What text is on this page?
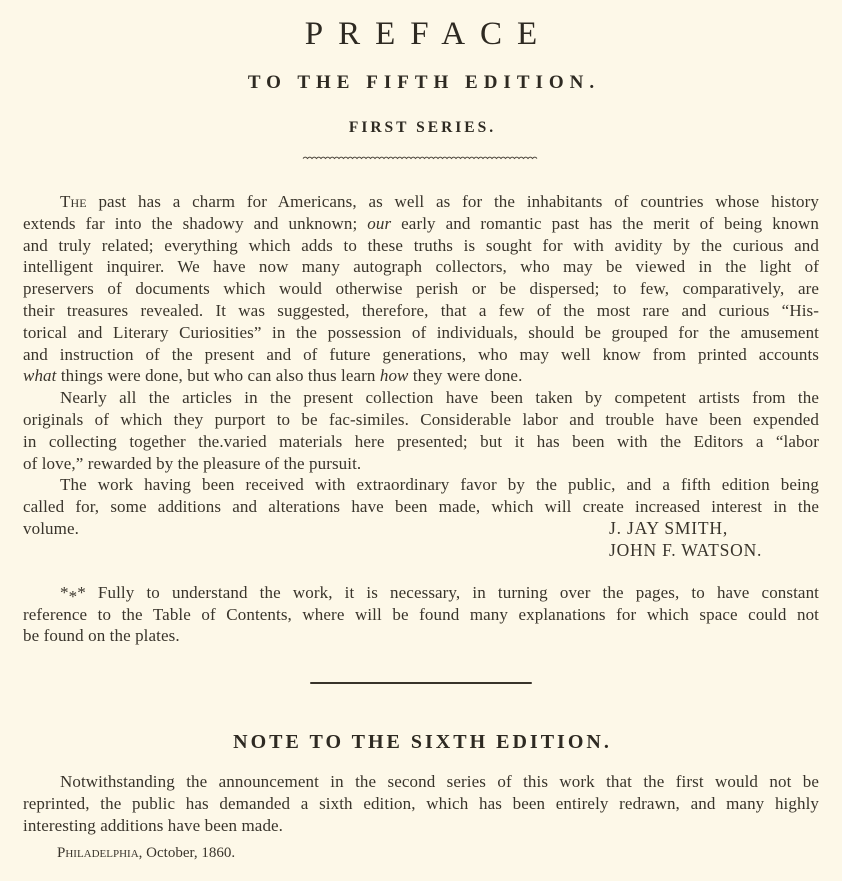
PREFACE
TO THE FIFTH EDITION.
FIRST SERIES.
The past has a charm for Americans, as well as for the inhabitants of countries whose history
extends far into the shadowy and unknown; our early and romantic past has the merit of being known
and truly related; everything which adds to these truths is sought for with avidity by the curious and
intelligent inquirer. We have now many autograph collectors, who may be viewed in the light of
preservers of documents which would otherwise perish or be dispersed; to few, comparatively, are
their treasures revealed. It was suggested, therefore, that a few of the most rare and curious “His-
torical and Literary Curiosities” in the possession of individuals, should be grouped for the amusement
and instruction of the present and of future generations, who may well know from printed accounts
what things were done, but who can also thus learn how they were done.
Nearly all the articles in the present collection have been taken by competent artists from the
originals of which they purport to be fac-similes. Considerable labor and trouble have been expended
in collecting together the.varied materials here presented; but it has been with the Editors a “labor
of love,” rewarded by the pleasure of the pursuit.
The work having been received with extraordinary favor by the public, and a fifth edition being
called for, some additions and alterations have been made, which will create increased interest in the
volume.	J. JAY SMITH,
JOHN F. WATSON.
*** Fully to understand the work, it is necessary, in turning over the pages, to have constant
reference to the Table of Contents, where will be found many explanations for which space could not
be found on the plates.
NOTE TO THE SIXTH EDITION.
Notwithstanding the announcement in the second series of this work that the first would not be
reprinted, the public has demanded a sixth edition, which has been entirely redrawn, and many highly
interesting additions have been made.
Philadelphia, October, 1860.
